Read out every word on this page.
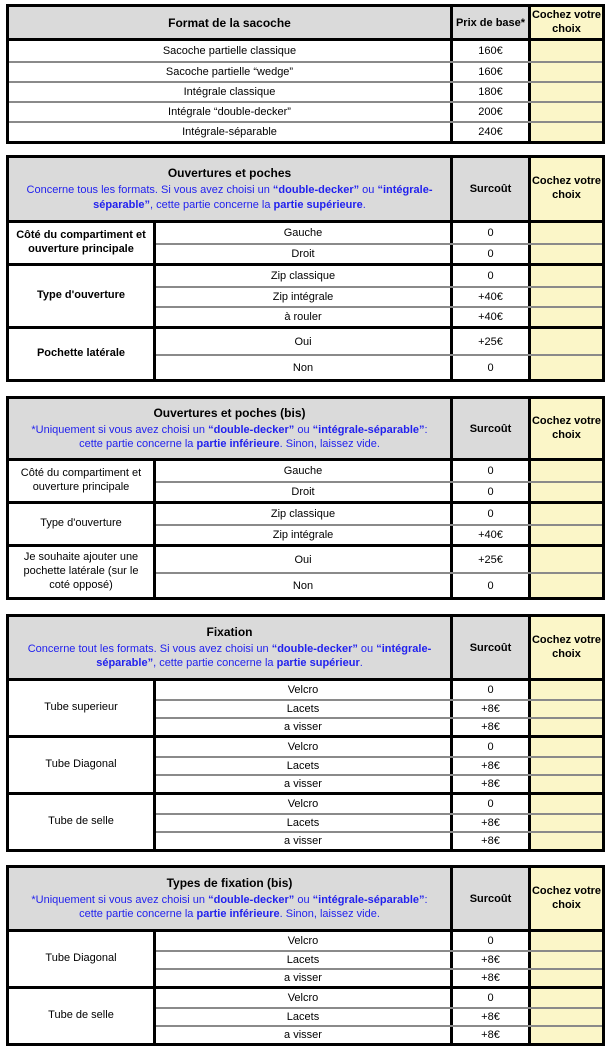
Format de la sacoche	Prix de base*
Cochez votre choix
Sacoche partielle classique	160€
Sacoche partielle “wedge”	160€
Intégrale classique	180€
Intégrale “double-decker”	200€
Intégrale-séparable	240€
Ouvertures et poches
Concerne tous les formats. Si vous avez choisi un “double-decker” ou “intégrale-séparable”, cette partie concerne la partie supérieure.
Surcoût
Cochez votre choix
Côté du compartiment et ouverture principale
Gauche	0
Droit	0
Type d'ouverture
Zip classique	0
Zip intégrale	+40€
à rouler	+40€
Pochette latérale
Oui	+25€
Non	0
Ouvertures et poches (bis)
*Uniquement si vous avez choisi un “double-decker” ou “intégrale-séparable”: cette partie concerne la partie inférieure. Sinon, laissez vide.
Surcoût
Cochez votre choix
Côté du compartiment et ouverture principale
Gauche	0
Droit	0
Type d'ouverture
Zip classique	0
Zip intégrale	+40€
Je souhaite ajouter une pochette latérale (sur le coté opposé)
Oui	+25€
Non	0
Fixation
Concerne tout les formats. Si vous avez choisi un “double-decker” ou “intégrale-séparable”, cette partie concerne la partie supérieur.
Surcoût
Cochez votre choix
Tube superieur
Velcro	0
Lacets	+8€
a visser	+8€
Tube Diagonal
Velcro	0
Lacets	+8€
a visser	+8€
Tube de selle
Velcro	0
Lacets	+8€
a visser	+8€
Types de fixation (bis)
*Uniquement si vous avez choisi un “double-decker” ou “intégrale-séparable”: cette partie concerne la partie inférieure. Sinon, laissez vide.
Surcoût
Cochez votre choix
Tube Diagonal
Velcro	0
Lacets	+8€
a visser	+8€
Tube de selle
Velcro	0
Lacets	+8€
a visser	+8€
